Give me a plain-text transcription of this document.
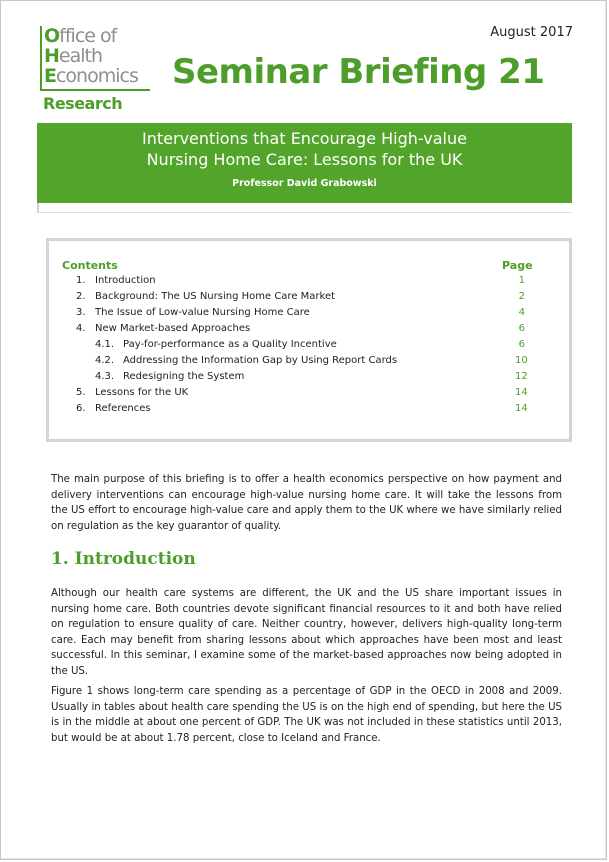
Office of
Health
Economics
Research
August 2017
Seminar Briefing 21
Interventions that Encourage High-value
Nursing Home Care: Lessons for the UK
Professor David Grabowski
Contents	Page
1. Introduction	1
2. Background: The US Nursing Home Care Market	2
3. The Issue of Low-value Nursing Home Care	4
4. New Market-based Approaches	6
4.1. Pay-for-performance as a Quality Incentive	6
4.2. Addressing the Information Gap by Using Report Cards	10
4.3. Redesigning the System	12
5. Lessons for the UK	14
6. References	14
The main purpose of this briefing is to offer a health economics perspective on how payment and delivery interventions can encourage high-value nursing home care. It will take the lessons from the US effort to encourage high-value care and apply them to the UK where we have similarly relied on regulation as the key guarantor of quality.
1. Introduction
Although our health care systems are different, the UK and the US share important issues in nursing home care. Both countries devote significant financial resources to it and both have relied on regulation to ensure quality of care. Neither country, however, delivers high-quality long-term care. Each may benefit from sharing lessons about which approaches have been most and least successful. In this seminar, I examine some of the market-based approaches now being adopted in the US.
Figure 1 shows long-term care spending as a percentage of GDP in the OECD in 2008 and 2009. Usually in tables about health care spending the US is on the high end of spending, but here the US is in the middle at about one percent of GDP. The UK was not included in these statistics until 2013, but would be at about 1.78 percent, close to Iceland and France.
